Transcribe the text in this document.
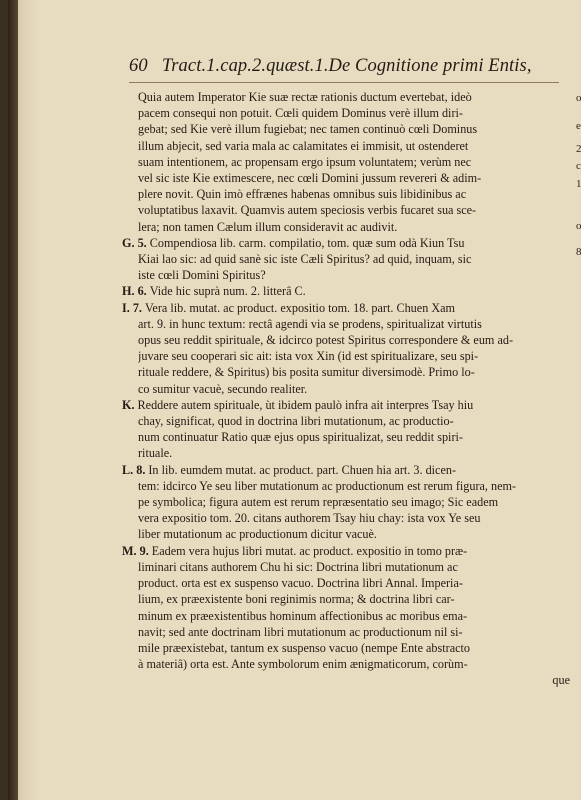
60 Tract.1.cap.2.quæst.1.De Cognitione primi Entis,
Quia autem Imperator Kie suæ rectæ rationis ductum evertebat, ideò
pacem consequi non potuit. Cœli quidem Dominus verè illum diri-
gebat; sed Kie verè illum fugiebat; nec tamen continuò cœli Dominus
illum abjecit, sed varia mala ac calamitates ei immisit, ut ostenderet
suam intentionem, ac propensam ergo ipsum voluntatem; verùm nec
vel sic iste Kie extimescere, nec cœli Domini jussum revereri & adim-
plere novit. Quin imò effrænes habenas omnibus suis libidinibus ac
voluptatibus laxavit. Quamvis autem speciosis verbis fucaret sua sce-
lera; non tamen Cælum illum consideravit ac audivit.
G. 5. Compendiosa lib. carm. compilatio, tom. quæ sum odà Kiun Tsu
Kiai lao sic: ad quid sanè sic iste Cæli Spiritus? ad quid, inquam, sic
iste cœli Domini Spiritus?
H. 6. Vide hic suprà num. 2. litterâ C.
I. 7. Vera lib. mutat. ac product. expositio tom. 18. part. Chuen Xam
art. 9. in hunc textum: rectâ agendi via se prodens, spiritualizat virtutis
opus seu reddit spirituale, & idcirco potest Spiritus correspondere & eum ad-
juvare seu cooperari sic ait: ista vox Xin (id est spiritualizare, seu spi-
rituale reddere, & Spiritus) bis posita sumitur diversimodè. Primo lo-
co sumitur vacuè, secundo realiter.
K. Reddere autem spirituale, ùt ibidem paulò infra ait interpres Tsay hiu
chay, significat, quod in doctrina libri mutationum, ac productio-
num continuatur Ratio quæ ejus opus spiritualizat, seu reddit spiri-
rituale.
L. 8. In lib. eumdem mutat. ac product. part. Chuen hia art. 3. dicen-
tem: idcirco Ye seu liber mutationum ac productionum est rerum figura, nem-
pe symbolica; figura autem est rerum repræsentatio seu imago; Sic eadem
vera expositio tom. 20. citans authorem Tsay hiu chay: ista vox Ye seu
liber mutationum ac productionum dicitur vacuè.
M. 9. Eadem vera hujus libri mutat. ac product. expositio in tomo præ-
liminari citans authorem Chu hi sic: Doctrina libri mutationum ac
product. orta est ex suspenso vacuo. Doctrina libri Annal. Imperia-
lium, ex præexistente boni reginimis norma; & doctrina libri car-
minum ex præexistentibus hominum affectionibus ac moribus ema-
navit; sed ante doctrinam libri mutationum ac productionum nil si-
mile præexistebat, tantum ex suspenso vacuo (nempe Ente abstracto
à materiâ) orta est. Ante symbolorum enim ænigmaticorum, corùm-
que
o
e
2
c
1
o
8
